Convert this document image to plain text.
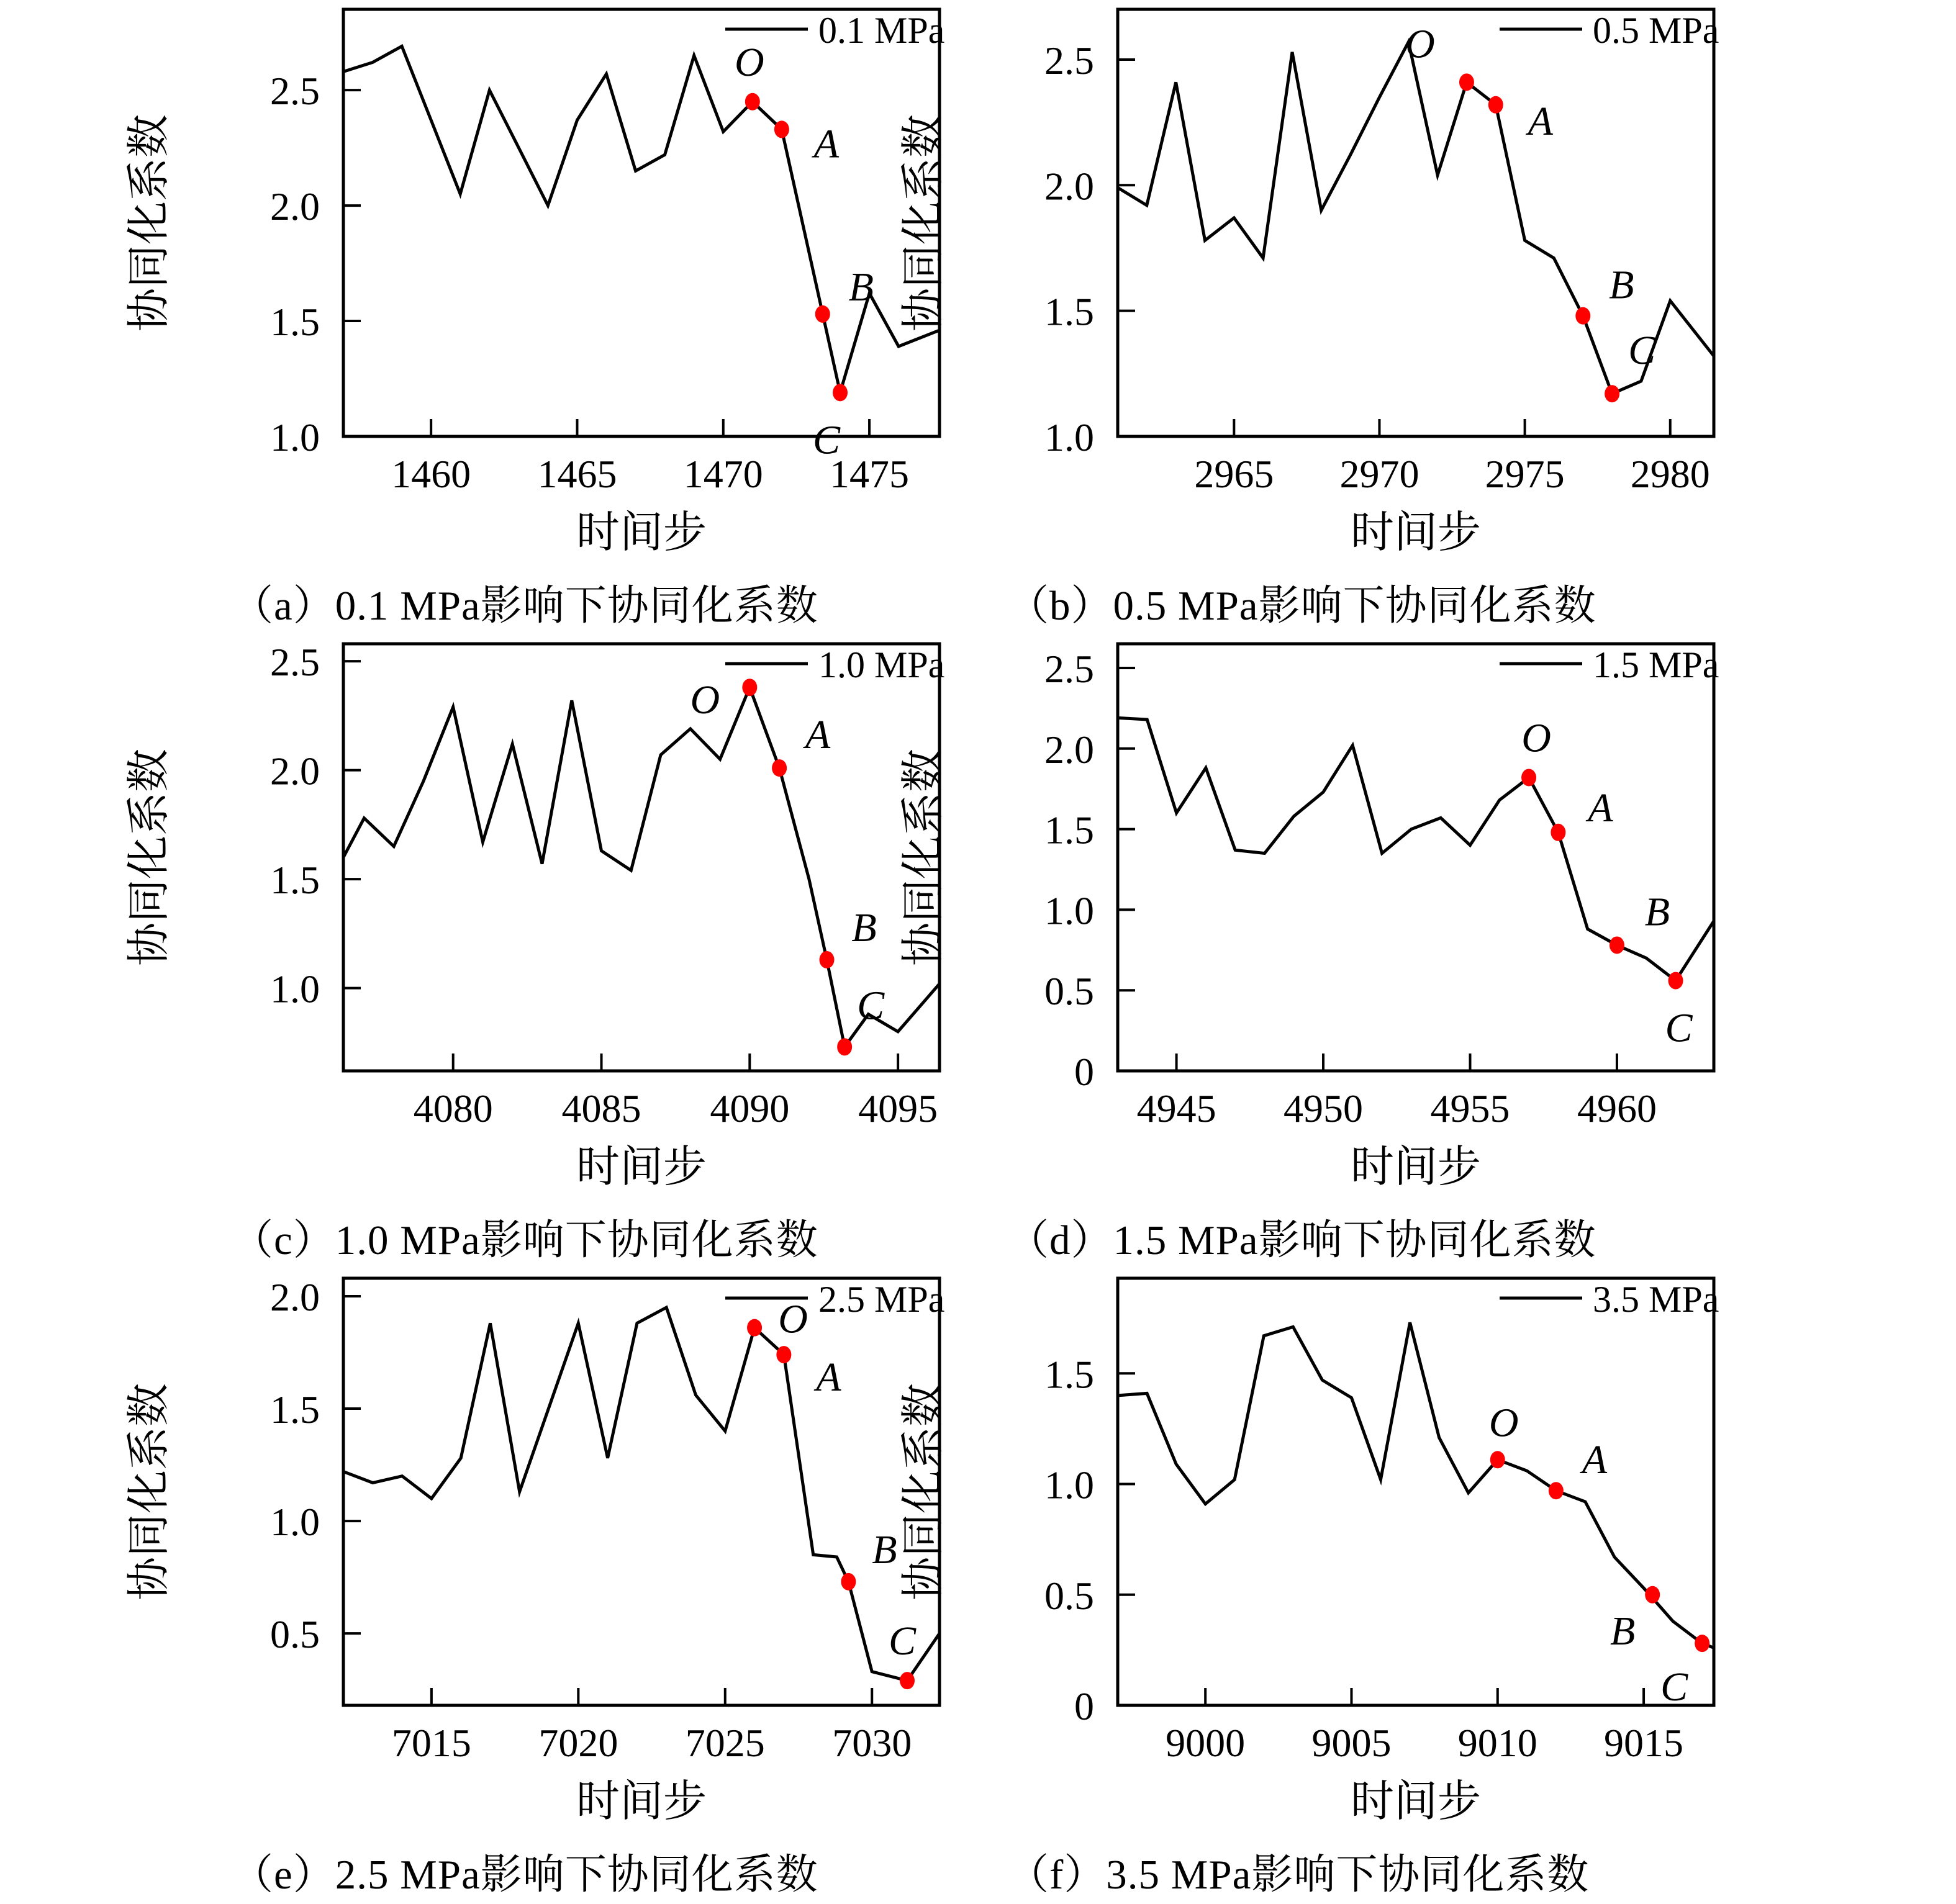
1460 1465 1470 1475
1.0
1.5
2.0
2.5
时间步
协同化系数
0.1 MPa
O
A
B
C
2965 2970 2975 2980
1.0
1.5
2.0
2.5
时间步
协同化系数
0.5 MPa
O
A
B
C
4080 4085 4090 4095
1.0
1.5
2.0
2.5
时间步
协同化系数
1.0 MPa
O
A
B
C
4945 4950 4955 4960
0
0.5
1.0
1.5
2.0
2.5
时间步
协同化系数
1.5 MPa
O
A
B
C
7015 7020 7025 7030
0.5
1.0
1.5
2.0
时间步
协同化系数
2.5 MPa
O
A
B
C
9000 9005 9010 9015
0
0.5
1.0
1.5
时间步
协同化系数
3.5 MPa
O
A
B
C
（a）0.1 MPa影响下协同化系数	（b）0.5 MPa影响下协同化系数
（c）1.0 MPa影响下协同化系数	（d）1.5 MPa影响下协同化系数
（e）2.5 MPa影响下协同化系数	（f）3.5 MPa影响下协同化系数
